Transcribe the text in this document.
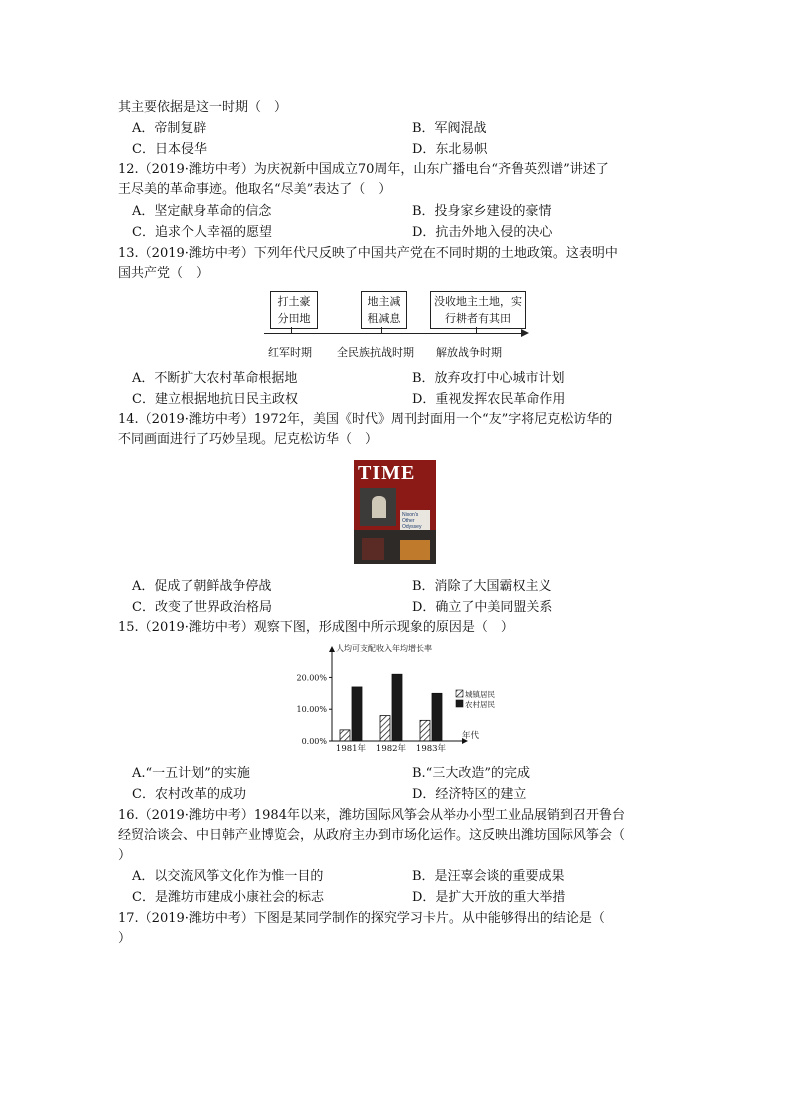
其主要依据是这一时期（　）
A．帝制复辟	B．军阀混战
C．日本侵华	D．东北易帜
12.（2019·潍坊中考）为庆祝新中国成立70周年，山东广播电台“齐鲁英烈谱”讲述了
王尽美的革命事迹。他取名“尽美”表达了（　）
A．坚定献身革命的信念	B．投身家乡建设的豪情
C．追求个人幸福的愿望	D．抗击外地入侵的决心
13.（2019·潍坊中考）下列年代尺反映了中国共产党在不同时期的土地政策。这表明中
国共产党（　）
打土豪
分田地
地主减
租减息
没收地主土地，实
行耕者有其田
红军时期 全民族抗战时期 解放战争时期
A．不断扩大农村革命根据地	B．放弃攻打中心城市计划
C．建立根据地抗日民主政权	D．重视发挥农民革命作用
14.（2019·潍坊中考）1972年，美国《时代》周刊封面用一个“友”字将尼克松访华的
不同画面进行了巧妙呈现。尼克松访华（　）
TIME
Nixon's Other Odyssey
A．促成了朝鲜战争停战	B．消除了大国霸权主义
C．改变了世界政治格局	D．确立了中美同盟关系
15.（2019·潍坊中考）观察下图，形成图中所示现象的原因是（　）
人均可支配收入年均增长率
0.00%
10.00%
20.00%
1981年 1982年 1983年
年代
城镇居民
农村居民
A.“一五计划”的实施	B.“三大改造”的完成
C．农村改革的成功	D．经济特区的建立
16.（2019·潍坊中考）1984年以来，潍坊国际风筝会从举办小型工业品展销到召开鲁台
经贸洽谈会、中日韩产业博览会，从政府主办到市场化运作。这反映出潍坊国际风筝会（
）
A．以交流风筝文化作为惟一目的	B．是汪辜会谈的重要成果
C．是潍坊市建成小康社会的标志	D．是扩大开放的重大举措
17.（2019·潍坊中考）下图是某同学制作的探究学习卡片。从中能够得出的结论是（
）
